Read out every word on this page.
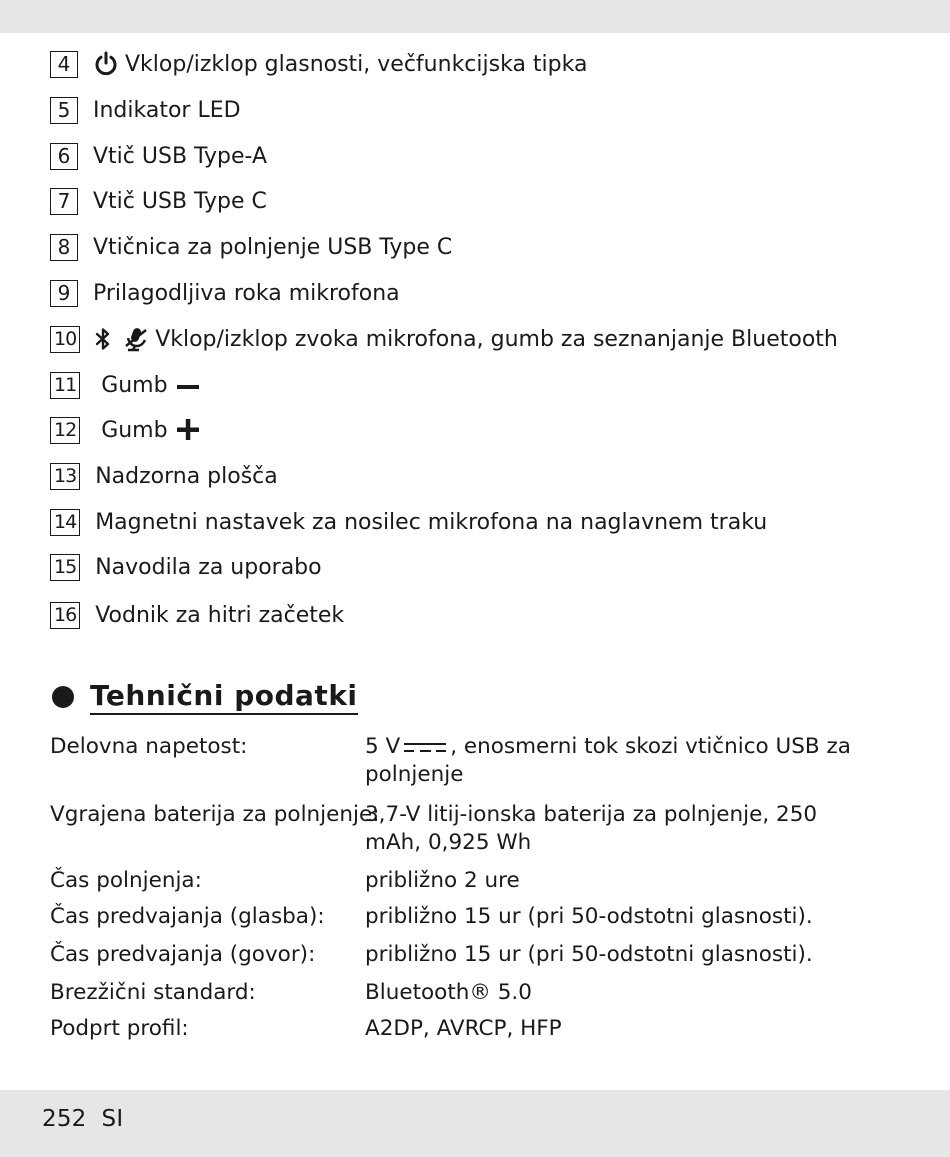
4	Vklop/izklop glasnosti, večfunkcijska tipka
5	Indikator LED
6	Vtič USB Type-A
7	Vtič USB Type C
8	Vtičnica za polnjenje USB Type C
9	Prilagodljiva roka mikrofona
10	Vklop/izklop zvoka mikrofona, gumb za seznanjanje Bluetooth
11 Gumb
12 Gumb
13 Nadzorna plošča
14 Magnetni nastavek za nosilec mikrofona na naglavnem traku
15 Navodila za uporabo
16 Vodnik za hitri začetek
Tehnični podatki
Delovna napetost:	5 V , enosmerni tok skozi vtičnico USB za polnjenje
Vgrajena baterija za polnjenje:
3,7-V litij-ionska baterija za polnjenje, 250 mAh, 0,925 Wh
Čas polnjenja:	približno 2 ure
Čas predvajanja (glasba): približno 15 ur (pri 50-odstotni glasnosti).
Čas predvajanja (govor): približno 15 ur (pri 50-odstotni glasnosti).
Brezžični standard:	Bluetooth® 5.0
Podprt profil:	A2DP, AVRCP, HFP
252 SI
